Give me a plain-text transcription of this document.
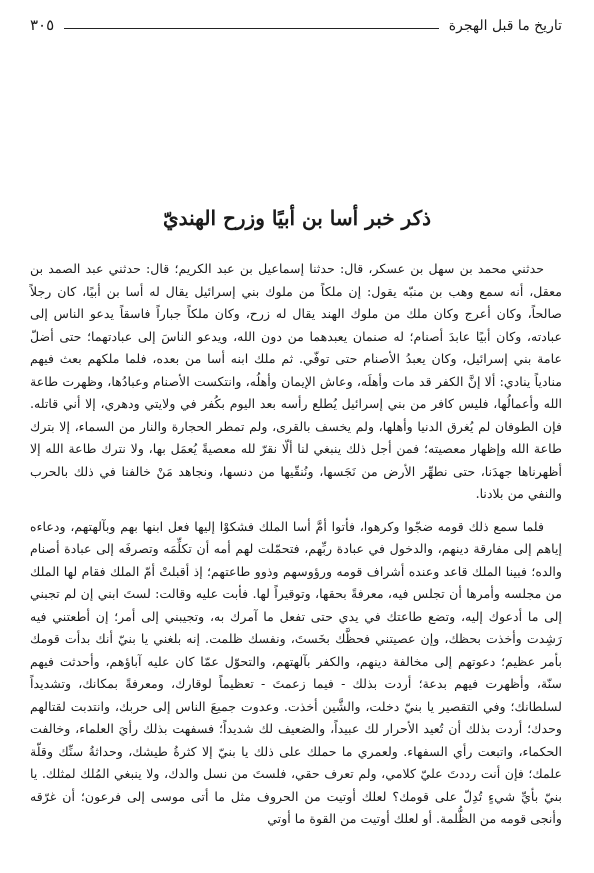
تاريخ ما قبل الهجرة
٣٠٥
ذكر خبر أسا بن أبيًا وزرح الهنديّ

حدثني محمد بن سهل بن عسكر، قال: حدثنا إسماعيل بن عبد الكريم؛ قال: حدثني عبد الصمد بن معقل، أنه سمع وهب بن منبّه يقول: إن ملكاً من ملوك بني إسرائيل يقال له أسا بن أبيًا، كان رجلاً صالحاً، وكان أعرج وكان ملك من ملوك الهند يقال له زرح، وكان ملكاً جباراً فاسقاً يدعو الناس إلى عبادته، وكان أبيًا عابدَ أصنام؛ له صنمان يعبدهما من دون الله، ويدعو الناسَ إلى عبادتهما؛ حتى أضلّ عامة بني إسرائيل، وكان يعبدُ الأصنام حتى توفّي. ثم ملك ابنه أسا من بعده، فلما ملكهم بعث فيهم منادياً ينادي: ألا إنَّ الكفر قد مات وأهلَه، وعاش الإيمان وأهلُه، وانتكست الأصنام وعبادُها، وظهرت طاعة الله وأعمالُها، فليس كافر من بني إسرائيل يُطلع رأسه بعد اليوم بكُفر في ولايتي ودهري، إلا أني قاتله. فإن الطوفان لم يُغرق الدنيا وأهلها، ولم يخسف بالقرى، ولم تمطر الحجارة والنار من السماء، إلا بترك طاعة الله وإظهار معصيته؛ فمن أجل ذلك ينبغي لنا ألّا نقرّ لله معصيةً يُعمَل بها، ولا نترك طاعة الله إلا أظهرناها جهدَنا، حتى نطهِّر الأرض من نَجَسها، ونُنقّيها من دنسها، ونجاهد مَنْ خالفنا في ذلك بالحرب والنفي من بلادنا.

فلما سمع ذلك قومه ضجّوا وكرهوا، فأتوا أمَّ أسا الملك فشكوْا إليها فعل ابنها بهم وبآلهتهم، ودعاءه إياهم إلى مفارقة دينهم، والدخول في عبادة ربِّهم، فتحمّلت لهم أمه أن تكلِّمَه وتصرفَه إلى عبادة أصنام والده؛ فبينا الملك قاعد وعنده أشراف قومه ورؤوسهم وذوو طاعتهم؛ إذ أقبلتْ أمّ الملك فقام لها الملك من مجلسه وأمرها أن تجلس فيه، معرفةً بحقها، وتوقيراً لها. فأبت عليه وقالت: لستَ ابني إن لم تجبني إلى ما أدعوك إليه، وتضع طاعتك في يدي حتى تفعل ما آمرك به، وتجيبني إلى أمر؛ إن أطعتني فيه رَشِدت وأخذت بحظك، وإن عصيتني فحظَّك بخَستَ، ونفسك ظلمت. إنه بلغني يا بنيّ أنك بدأت قومك بأمر عظيم؛ دعوتهم إلى مخالفة دينهم، والكفر بآلهتهم، والتحوّل عمّا كان عليه آباؤهم، وأحدثت فيهم سنّة، وأظهرت فيهم بدعة؛ أردت بذلك - فيما زعمتَ - تعظيماً لوقارك، ومعرفةً بمكانك، وتشديداً لسلطانك؛ وفي التقصير يا بنيّ دخلت، والشَّين أخذت. وعدوت جميعَ الناس إلى حربك، وانتدبت لقتالهم وحدك؛ أردت بذلك أن تُعيد الأحرار لك عبيداً، والضعيف لك شديداً؛ فسفهت بذلك رأيَ العلماء، وخالفت الحكماء، واتبعت رأي السفهاء. ولعمري ما حملك على ذلك يا بنيّ إلا كثرةُ طيشك، وحداثةُ سنِّك وقلّة علمك؛ فإن أنت رددتَ عليّ كلامي، ولم تعرف حقي، فلستَ من نسل والدك، ولا ينبغي المُلك لمثلك. يا بنيّ بأيِّ شيءٍ تُدِلّ على قومك؟ لعلك أوتيت من الحروف مثل ما أتى موسى إلى فرعون؛ أن غرّقه وأنجى قومه من الظُّلمة. أو لعلك أوتيت من القوة ما أوتي
